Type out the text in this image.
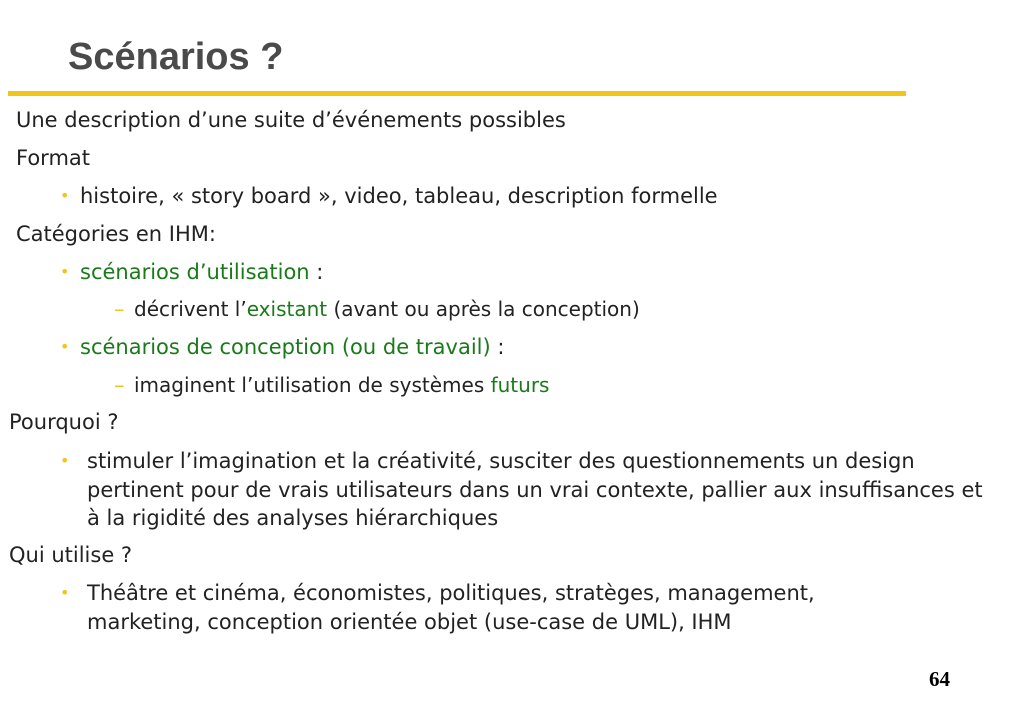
Scénarios ?
Une description d’une suite d’événements possibles
Format
• histoire, « story board », video, tableau, description formelle
Catégories en IHM:
• scénarios d’utilisation :
– décrivent l’existant (avant ou après la conception)
• scénarios de conception (ou de travail) :
– imaginent l’utilisation de systèmes futurs
Pourquoi ?
• stimuler l’imagination et la créativité, susciter des questionnements un design pertinent pour de vrais utilisateurs dans un vrai contexte, pallier aux insuffisances et à la rigidité des analyses hiérarchiques
Qui utilise ?
• Théâtre et cinéma, économistes, politiques, stratèges, management, marketing, conception orientée objet (use-case de UML), IHM
64
